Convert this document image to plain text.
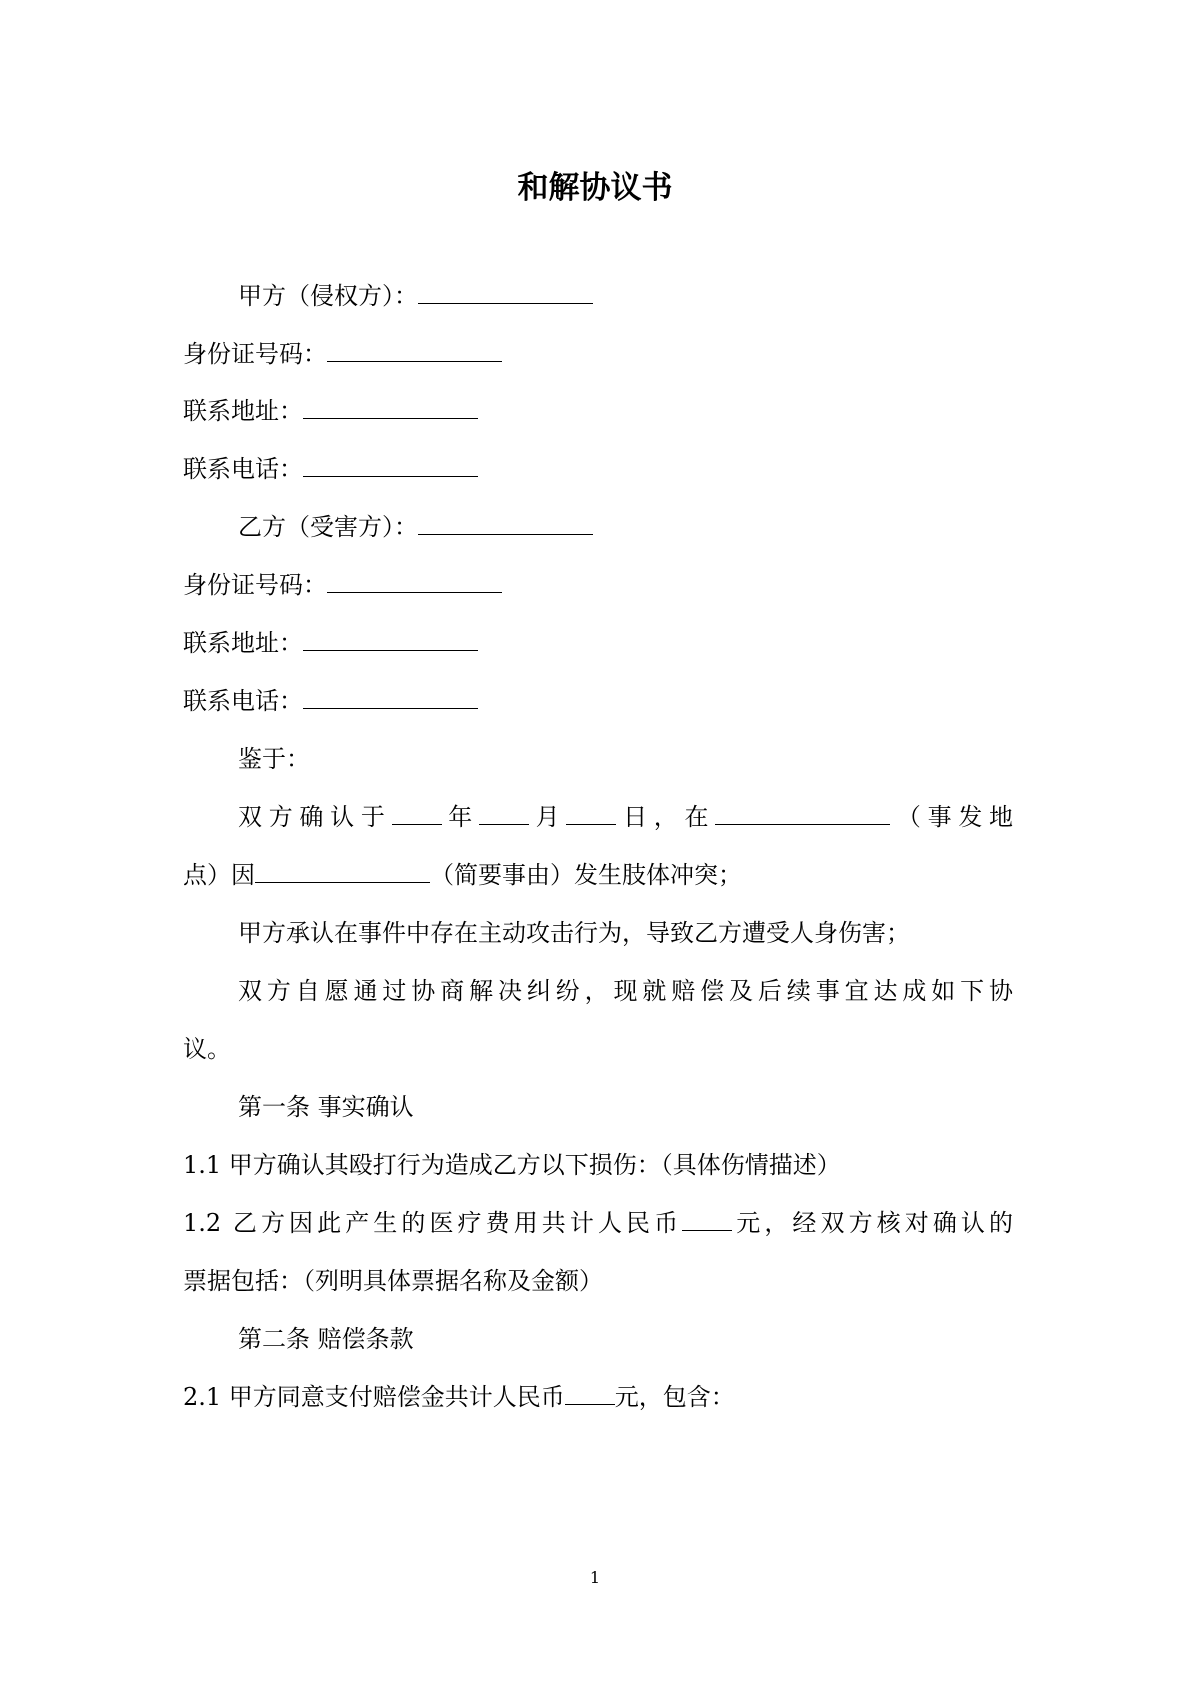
和解协议书
甲方（侵权方）：
身份证号码：
联系地址：
联系电话：
乙方（受害方）：
身份证号码：
联系地址：
联系电话：
鉴于：
双方确认于 年 月 日，在	（事发地
点）因	（简要事由）发生肢体冲突；
甲方承认在事件中存在主动攻击行为，导致乙方遭受人身伤害；
双方自愿通过协商解决纠纷，现就赔偿及后续事宜达成如下协
议。
第一条 事实确认
1.1 甲方确认其殴打行为造成乙方以下损伤：（具体伤情描述）
1.2 乙方因此产生的医疗费用共计人民币 元，经双方核对确认的
票据包括：（列明具体票据名称及金额）
第二条 赔偿条款
2.1 甲方同意支付赔偿金共计人民币 元，包含：
1
